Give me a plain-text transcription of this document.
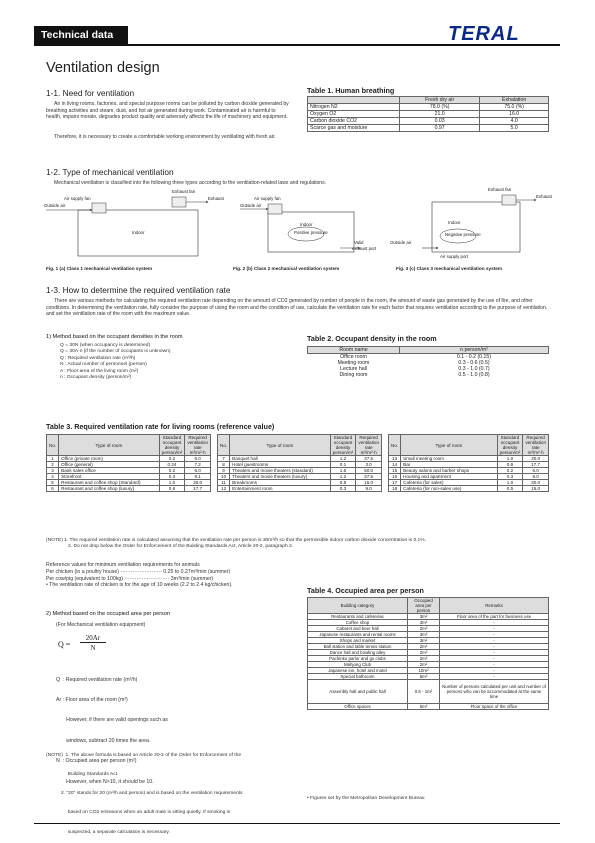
Technical data	TERAL
Ventilation design
1-1. Need for ventilation
Air in living rooms, factories, and special purpose rooms can be polluted by carbon dioxide generated by breathing activities and steam, dust, and hot air generated during work. Contaminated air is harmful to health, impairs morale, degrades product quality and adversely affects the life of machinery and equipment.
Therefore, it is necessary to create a comfortable working environment by ventilating with fresh air.
Table 1. Human breathing
	Fresh dry air	Exhalation
Nitrogen N2	78.0 (%)	75.0 (%)
Oxygen O2	21.0	16.0
Carbon dioxide CO2	0.03	4.0
Scarce gas and moisture	0.97	5.0
1-2. Type of mechanical ventilation
Mechanical ventilation is classified into the following three types according to the ventilation-related laws and regulations.
Air supply fan
Exhaust fan
Outside air
Exhaust
Indoor
Outside air
Air supply fan
Indoor
Positive pressure
Valid
exhaust port
Exhaust fan
Exhaust
Indoor
Negative pressure
Outside air
Air supply port
Fig. 1 (a) Class 1 mechanical ventilation system	Fig. 2 (b) Class 2 mechanical ventilation system	Fig. 3 (c) Class 3 mechanical ventilation system
1-3. How to determine the required ventilation rate
There are various methods for calculating the required ventilation rate depending on the amount of CO2 generated by number of people in the room, the amount of waste gas generated by the use of fire, and other conditions. In determining the ventilation rate, fully consider the purpose of using the room and the condition of use, calculate the ventilation rate for each factor that requires ventilation according to the purpose of ventilation, and set the ventilation rate of the room with the maximum value.
1) Method based on the occupant densities in the room
Q = 30N (when occupancy is determined)
Q = 30A·n (if the number of occupants is unknown)
Q : Required ventilation rate (m³/h)
N : Actual number of personnel (person)
A : Floor area of the living room (m²)
n : Occupant density (person/m²)
Table 2. Occupant density in the room
Room name	n person/m²
Office room	0.1 - 0.2 (0.15)
Meeting room	0.3 - 0.6 (0.5)
Lecture hall	0.3 - 1.0 (0.7)
Dining room	0.5 - 1.0 (0.8)
Table 3. Required ventilation rate for living rooms (reference value)
No.	Type of room	Standard occupant density person/m²	Required ventilation rate m³/m²·h
1	Office (private room)	0.2	6.0
2	Office (general)	0.24	7.2
3	Bank sales office	0.2	6.0
4	Storefront	0.3	9.1
5	Restaurant and coffee shop (Standard)	1.0	30.0
6	Restaurant and coffee shop (luxury)	0.6	17.7
No.	Type of room	Standard occupant density person/m²	Required ventilation rate m³/m²·h
7	Banquet hall	1.2	37.5
8	Hotel guestrooms	0.1	3.0
9	Theaters and movie theaters (standard)	1.6	50.0
10	Theaters and movie theaters (luxury)	1.2	37.5
11	Breakrooms	0.5	15.0
12	Entertainment room	0.3	9.0
No.	Type of room	Standard occupant density person/m²	Required ventilation rate m³/m²·h
13	Small meeting room	1.0	30.0
14	Bar	0.6	17.7
15	Beauty salons and barber shops	0.2	6.0
16	Housing and apartment	0.3	9.0
17	Cafeteria (for sales)	1.0	30.0
18	Cafeteria (for non-sales use)	0.5	15.0
(NOTE) 1. The required ventilation rate is calculated assuming that the ventilation rate per person is 30m³/h so that the permissible indoor carbon dioxide concentration is 0.1%.
2. Do not drop below the Order for Enforcement of the Building Standards Act, Article 20-2, paragraph 2.
Reference values for minimum ventilation requirements for animals
Per chicken (in a poultry house) ························ 0.25 to 0.27m³/min (summer)
Per cow/pig (equivalent to 100kg) ·························· 3m³/min (summer)
• The ventilation rate of chicken is for the age of 10 weeks (2.2 to 2.4 kg/chicken).
2) Method based on the occupied area per person
(For Mechanical ventilation equipment)
Q =
20Ar
N

Q  : Required ventilation rate (m³/h)

Ar : Floor area of the room (m²)

However, if there are valid openings such as

windows, subtract 20 times the area.

N  : Occupied area per person (m²)

However, when N>10, it should be 10.

(NOTE)  1. The above formula is based on Article 20-2 of the Order for Enforcement of the

Building Standards Act.

2. "20" stands for 20 (m³/h and person) and is based on the ventilation requirements

based on CO2 emissions when an adult male is sitting quietly. If smoking is

suspected, a separate calculation is necessary.

Table 4. Occupied area per person
Building category	Occupied area per person	Remarks
Restaurants and cafeterias	3m²	Floor area of the part for business use
Coffee shop	3m²	-
Cabaret and beer hall	2m²	-
Japanese restaurants and rental rooms	3m²	-
Shops and market	3m²	-
Ball station and table tennis station	2m²	-
Dance hall and bowling alley	2m²	-
Pachinko parlor and go clubs	2m²	-
Mahjong Club	2m²	-
Japanese inn, hotel and motel	10m²	-
Special bathroom	5m²	-
Assembly hall and public hall	0.5 - 1m²	Number of persons calculated per unit and number of persons who can be accommodated at the same time
Office spaces	5m²	Floor space of the office
• Figures set by the Metropolitan Development Bureau
